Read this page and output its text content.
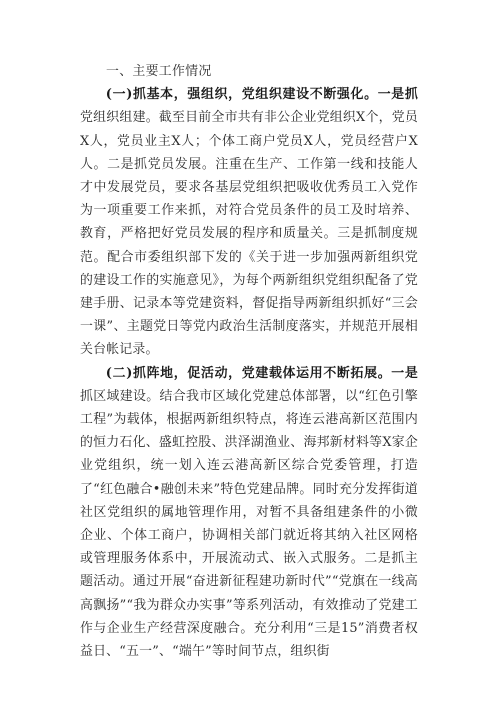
一、主要工作情况

(一)抓基本，强组织，党组织建设不断强化。一是抓党组织组建。截至目前全市共有非公企业党组织X个，党员X人，党员业主X人；个体工商户党员X人，党员经营户X人。二是抓党员发展。注重在生产、工作第一线和技能人才中发展党员，要求各基层党组织把吸收优秀员工入党作为一项重要工作来抓，对符合党员条件的员工及时培养、教育，严格把好党员发展的程序和质量关。三是抓制度规范。配合市委组织部下发的《关于进一步加强两新组织党的建设工作的实施意见》，为每个两新组织党组织配备了党建手册、记录本等党建资料，督促指导两新组织抓好“三会一课”、主题党日等党内政治生活制度落实，并规范开展相关台帐记录。

(二)抓阵地，促活动，党建载体运用不断拓展。一是抓区域建设。结合我市区域化党建总体部署，以“红色引擎工程”为载体，根据两新组织特点，将连云港高新区范围内的恒力石化、盛虹控股、洪泽湖渔业、海邦新材料等X家企业党组织，统一划入连云港高新区综合党委管理，打造了“红色融合•融创未来”特色党建品牌。同时充分发挥街道社区党组织的属地管理作用，对暂不具备组建条件的小微企业、个体工商户，协调相关部门就近将其纳入社区网格或管理服务体系中，开展流动式、嵌入式服务。二是抓主题活动。通过开展“奋进新征程建功新时代”“党旗在一线高高飘扬”“我为群众办实事”等系列活动，有效推动了党建工作与企业生产经营深度融合。充分利用“三是15”消费者权益日、“五一”、“端午”等时间节点，组织街
